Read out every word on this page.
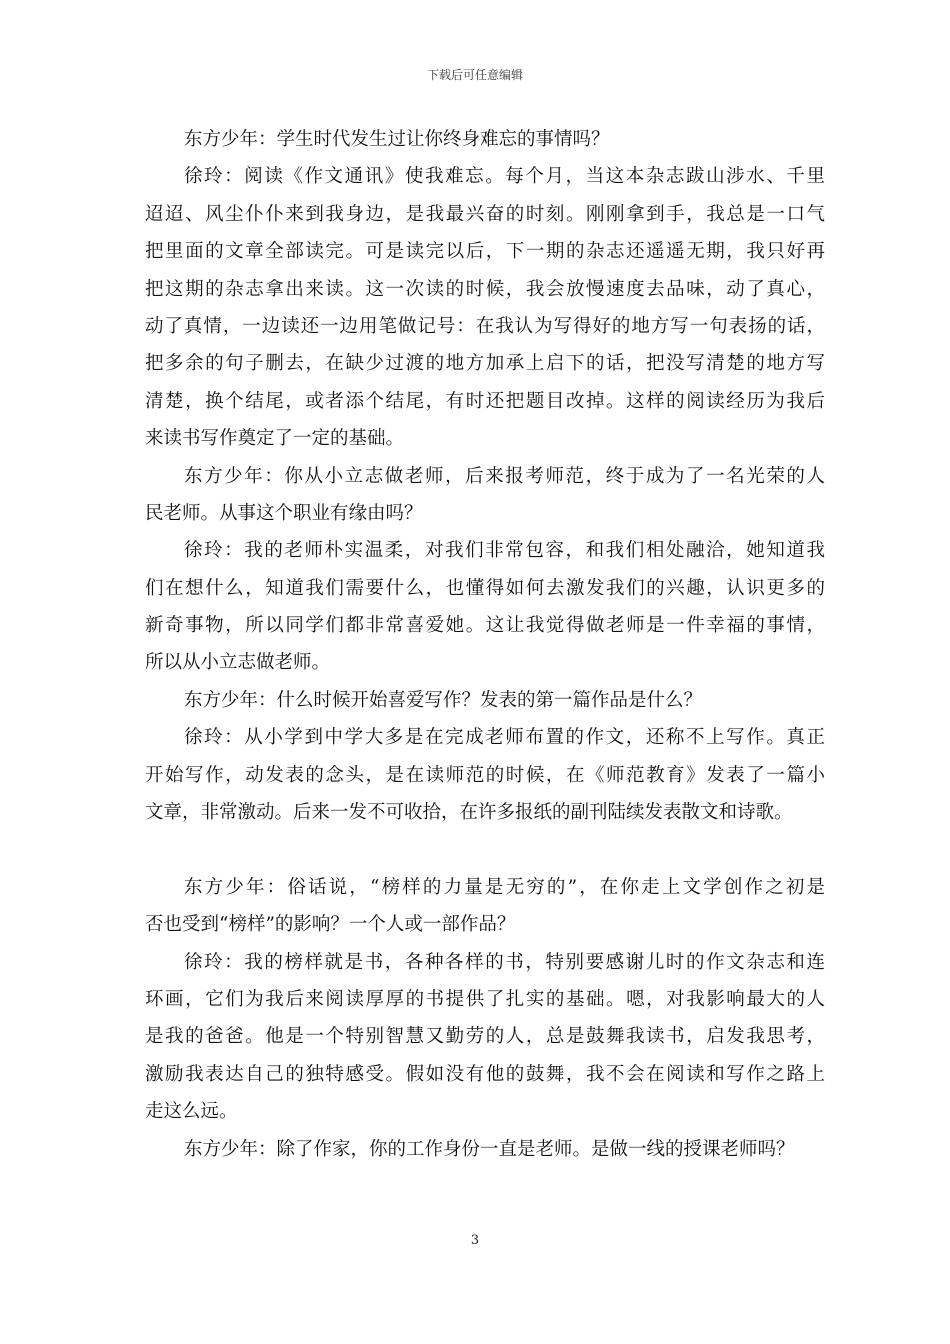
下载后可任意编辑
东方少年：学生时代发生过让你终身难忘的事情吗？
徐玲：阅读《作文通讯》使我难忘。每个月，当这本杂志跋山涉水、千里
迢迢、风尘仆仆来到我身边，是我最兴奋的时刻。刚刚拿到手，我总是一口气
把里面的文章全部读完。可是读完以后，下一期的杂志还遥遥无期，我只好再
把这期的杂志拿出来读。这一次读的时候，我会放慢速度去品味，动了真心，
动了真情，一边读还一边用笔做记号：在我认为写得好的地方写一句表扬的话，
把多余的句子删去，在缺少过渡的地方加承上启下的话，把没写清楚的地方写
清楚，换个结尾，或者添个结尾，有时还把题目改掉。这样的阅读经历为我后
来读书写作奠定了一定的基础。
东方少年：你从小立志做老师，后来报考师范，终于成为了一名光荣的人
民老师。从事这个职业有缘由吗？
徐玲：我的老师朴实温柔，对我们非常包容，和我们相处融洽，她知道我
们在想什么，知道我们需要什么，也懂得如何去激发我们的兴趣，认识更多的
新奇事物，所以同学们都非常喜爱她。这让我觉得做老师是一件幸福的事情，
所以从小立志做老师。
东方少年：什么时候开始喜爱写作？发表的第一篇作品是什么？
徐玲：从小学到中学大多是在完成老师布置的作文，还称不上写作。真正
开始写作，动发表的念头，是在读师范的时候，在《师范教育》发表了一篇小
文章，非常激动。后来一发不可收拾，在许多报纸的副刊陆续发表散文和诗歌。
东方少年：俗话说，“榜样的力量是无穷的”，在你走上文学创作之初是
否也受到“榜样”的影响？一个人或一部作品？
徐玲：我的榜样就是书，各种各样的书，特别要感谢儿时的作文杂志和连
环画，它们为我后来阅读厚厚的书提供了扎实的基础。嗯，对我影响最大的人
是我的爸爸。他是一个特别智慧又勤劳的人，总是鼓舞我读书，启发我思考，
激励我表达自己的独特感受。假如没有他的鼓舞，我不会在阅读和写作之路上
走这么远。
东方少年：除了作家，你的工作身份一直是老师。是做一线的授课老师吗？
3
